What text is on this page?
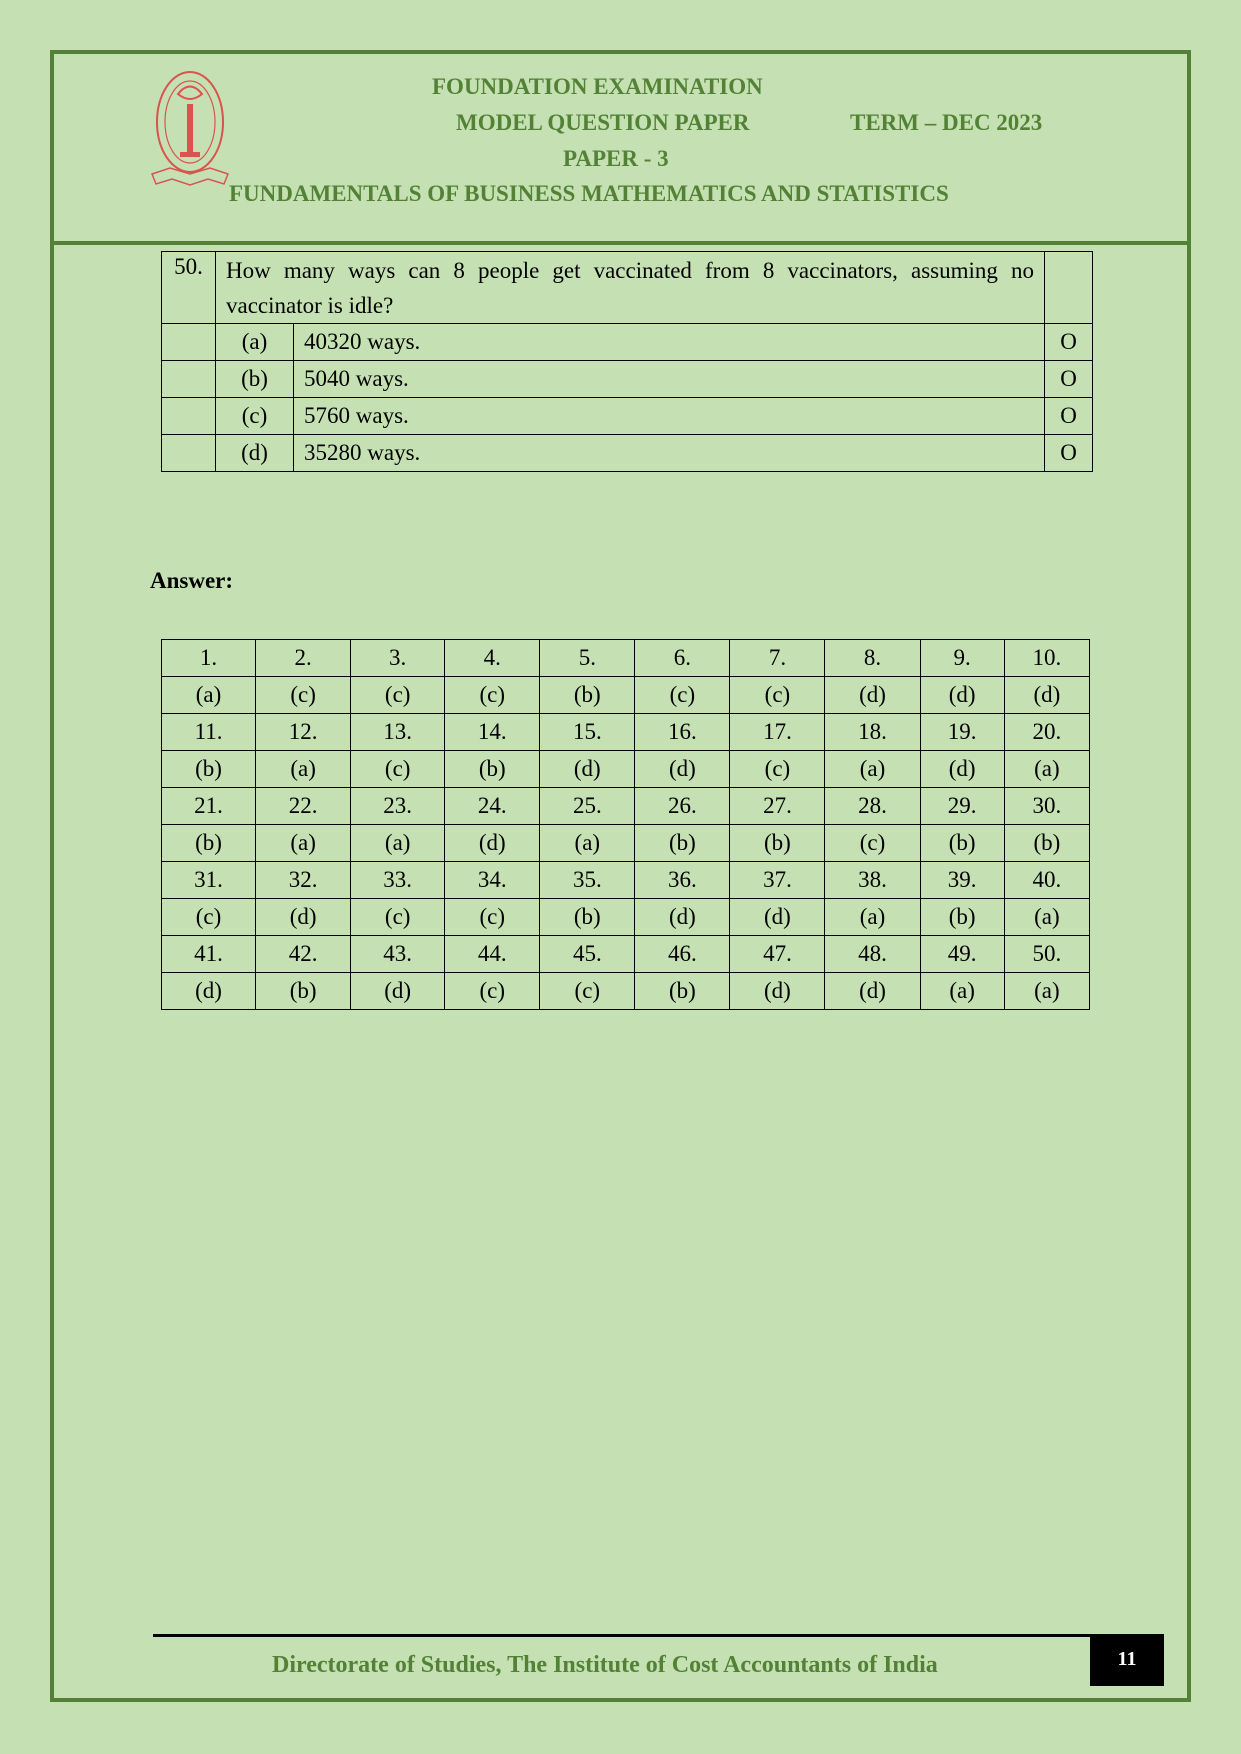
FOUNDATION EXAMINATION
MODEL QUESTION PAPER	TERM – DEC 2023
PAPER - 3
FUNDAMENTALS OF BUSINESS MATHEMATICS AND STATISTICS
50.	How many ways can 8 people get vaccinated from 8 vaccinators, assuming no vaccinator is idle?		
	(a)	40320 ways.	O
	(b)	5040 ways.	O
	(c)	5760 ways.	O
	(d)	35280 ways.	O
Answer:
1.	2.	3.	4.	5.	6.	7.	8.	9.	10.
(a)	(c)	(c)	(c)	(b)	(c)	(c)	(d)	(d)	(d)
11.	12.	13.	14.	15.	16.	17.	18.	19.	20.
(b)	(a)	(c)	(b)	(d)	(d)	(c)	(a)	(d)	(a)
21.	22.	23.	24.	25.	26.	27.	28.	29.	30.
(b)	(a)	(a)	(d)	(a)	(b)	(b)	(c)	(b)	(b)
31.	32.	33.	34.	35.	36.	37.	38.	39.	40.
(c)	(d)	(c)	(c)	(b)	(d)	(d)	(a)	(b)	(a)
41.	42.	43.	44.	45.	46.	47.	48.	49.	50.
(d)	(b)	(d)	(c)	(c)	(b)	(d)	(d)	(a)	(a)
Directorate of Studies, The Institute of Cost Accountants of India	11
